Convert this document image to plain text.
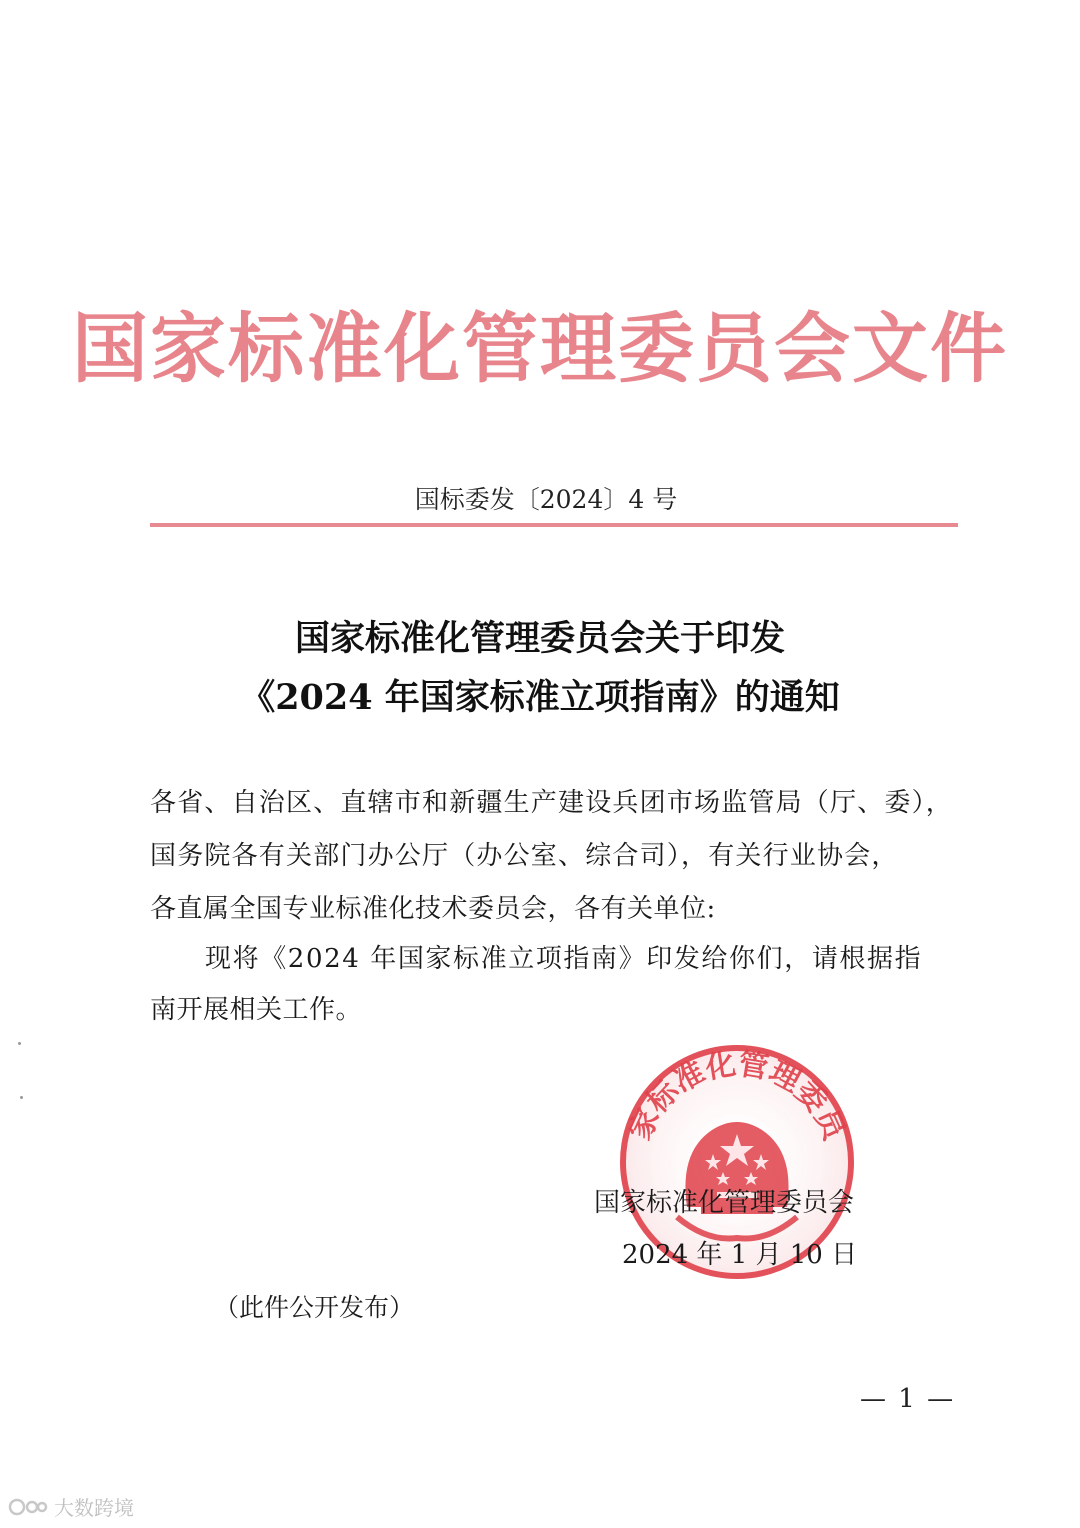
国家标准化管理委员会文件
国标委发〔2024〕4 号
国家标准化管理委员会关于印发
《2024 年国家标准立项指南》的通知
各省、自治区、直辖市和新疆生产建设兵团市场监管局（厅、委），
国务院各有关部门办公厅（办公室、综合司），有关行业协会，
各直属全国专业标准化技术委员会，各有关单位:
现将《2024 年国家标准立项指南》印发给你们，请根据指
南开展相关工作。
家标准化管理委员
国家标准化管理委员会
2024 年 1 月 10 日
（此件公开发布）
— 1 —
大数跨境
